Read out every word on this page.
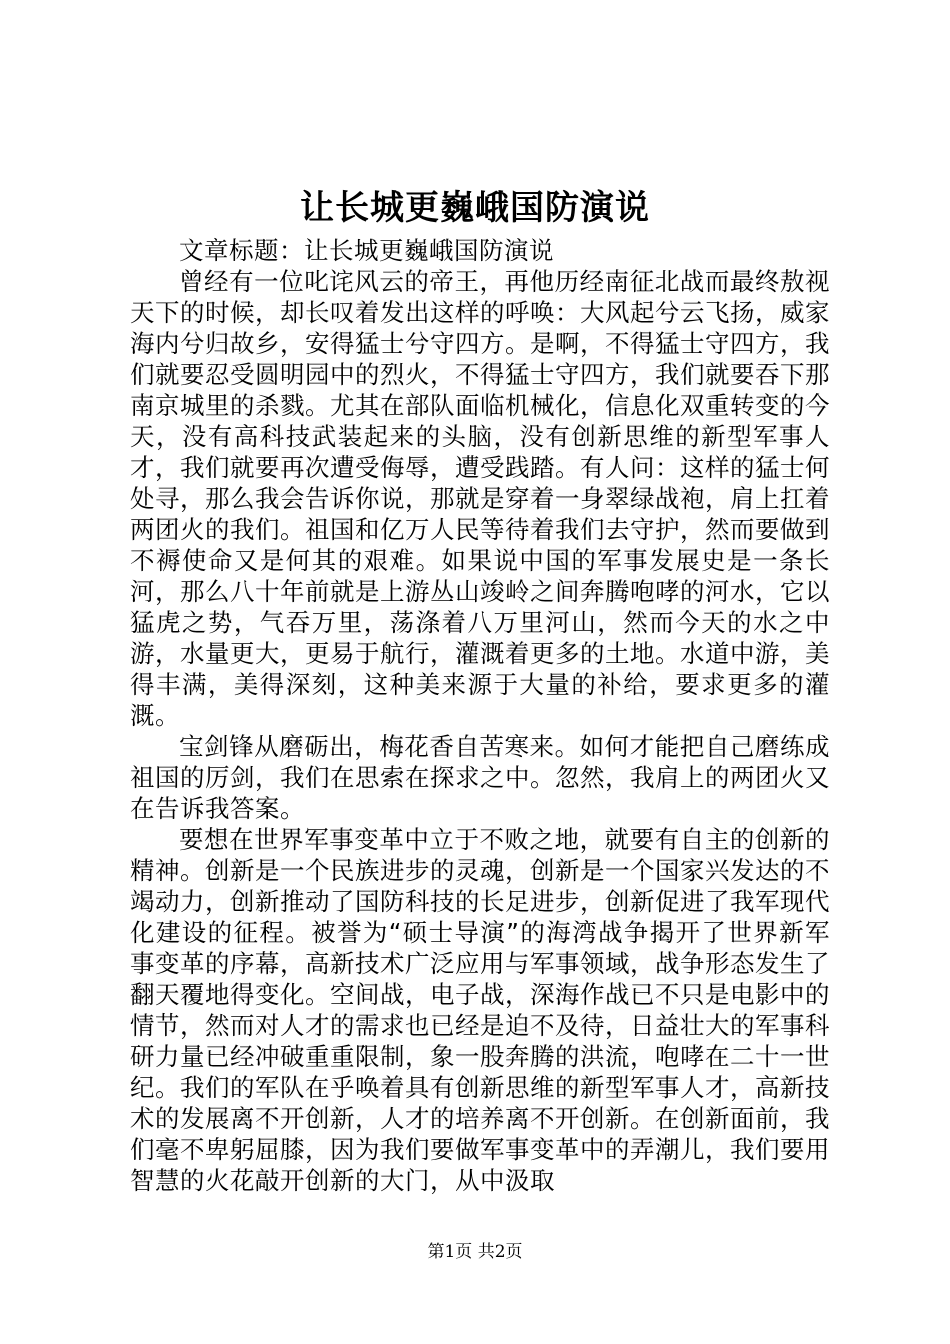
让长城更巍峨国防演说

文章标题：让长城更巍峨国防演说

曾经有一位叱诧风云的帝王，再他历经南征北战而最终敖视天下的时候，却长叹着发出这样的呼唤：大风起兮云飞扬，威家海内兮归故乡，安得猛士兮守四方。是啊，不得猛士守四方，我们就要忍受圆明园中的烈火，不得猛士守四方，我们就要吞下那南京城里的杀戮。尤其在部队面临机械化，信息化双重转变的今天，没有高科技武装起来的头脑，没有创新思维的新型军事人才，我们就要再次遭受侮辱，遭受践踏。有人问：这样的猛士何处寻，那么我会告诉你说，那就是穿着一身翠绿战袍，肩上扛着两团火的我们。祖国和亿万人民等待着我们去守护，然而要做到不褥使命又是何其的艰难。如果说中国的军事发展史是一条长河，那么八十年前就是上游丛山竣岭之间奔腾咆哮的河水，它以猛虎之势，气吞万里，荡涤着八万里河山，然而今天的水之中游，水量更大，更易于航行，灌溉着更多的土地。水道中游，美得丰满，美得深刻，这种美来源于大量的补给，要求更多的灌溉。

宝剑锋从磨砺出，梅花香自苦寒来。如何才能把自己磨练成祖国的厉剑，我们在思索在探求之中。忽然，我肩上的两团火又在告诉我答案。

要想在世界军事变革中立于不败之地，就要有自主的创新的精神。创新是一个民族进步的灵魂，创新是一个国家兴发达的不竭动力，创新推动了国防科技的长足进步，创新促进了我军现代化建设的征程。被誉为“硕士导演”的海湾战争揭开了世界新军事变革的序幕，高新技术广泛应用与军事领域，战争形态发生了翻天覆地得变化。空间战，电子战，深海作战已不只是电影中的情节，然而对人才的需求也已经是迫不及待，日益壮大的军事科研力量已经冲破重重限制，象一股奔腾的洪流，咆哮在二十一世纪。我们的军队在乎唤着具有创新思维的新型军事人才，高新技术的发展离不开创新，人才的培养离不开创新。在创新面前，我们毫不卑躬屈膝，因为我们要做军事变革中的弄潮儿，我们要用智慧的火花敲开创新的大门，从中汲取

第1页 共2页
